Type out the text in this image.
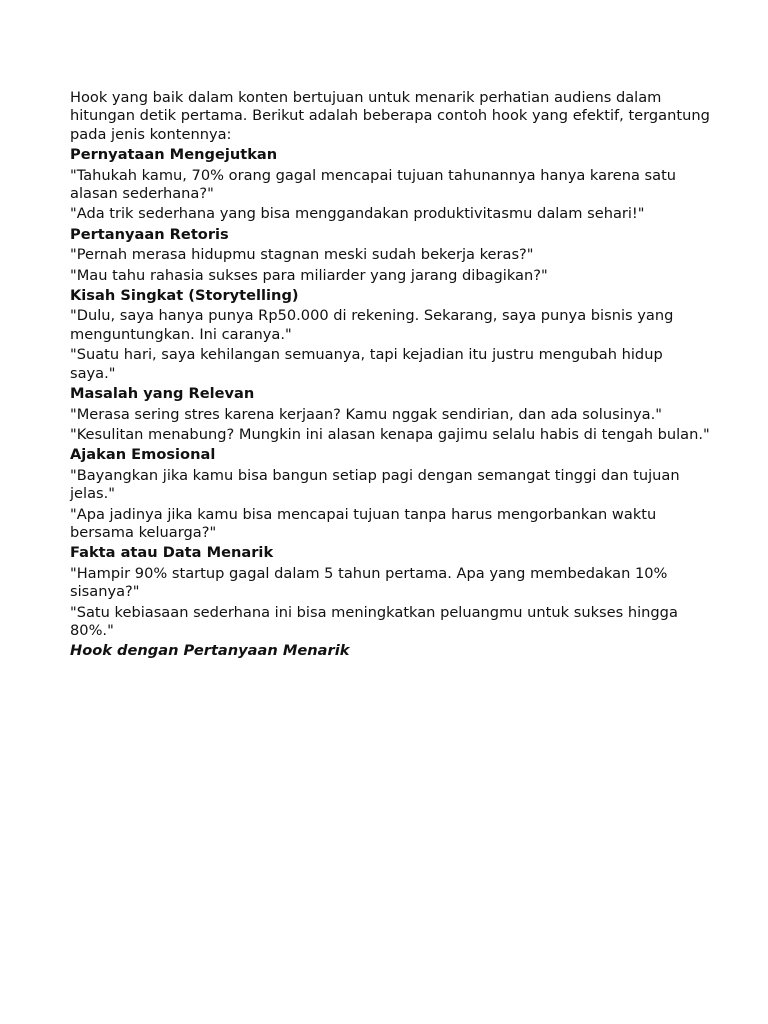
Hook yang baik dalam konten bertujuan untuk menarik perhatian audiens dalam hitungan detik pertama. Berikut adalah beberapa contoh hook yang efektif, tergantung pada jenis kontennya:

Pernyataan Mengejutkan

"Tahukah kamu, 70% orang gagal mencapai tujuan tahunannya hanya karena satu alasan sederhana?"

"Ada trik sederhana yang bisa menggandakan produktivitasmu dalam sehari!"

Pertanyaan Retoris

"Pernah merasa hidupmu stagnan meski sudah bekerja keras?"

"Mau tahu rahasia sukses para miliarder yang jarang dibagikan?"

Kisah Singkat (Storytelling)

"Dulu, saya hanya punya Rp50.000 di rekening. Sekarang, saya punya bisnis yang menguntungkan. Ini caranya."

"Suatu hari, saya kehilangan semuanya, tapi kejadian itu justru mengubah hidup saya."

Masalah yang Relevan

"Merasa sering stres karena kerjaan? Kamu nggak sendirian, dan ada solusinya."

"Kesulitan menabung? Mungkin ini alasan kenapa gajimu selalu habis di tengah bulan."

Ajakan Emosional

"Bayangkan jika kamu bisa bangun setiap pagi dengan semangat tinggi dan tujuan jelas."

"Apa jadinya jika kamu bisa mencapai tujuan tanpa harus mengorbankan waktu bersama keluarga?"

Fakta atau Data Menarik

"Hampir 90% startup gagal dalam 5 tahun pertama. Apa yang membedakan 10% sisanya?"

"Satu kebiasaan sederhana ini bisa meningkatkan peluangmu untuk sukses hingga 80%."

Hook dengan Pertanyaan Menarik
